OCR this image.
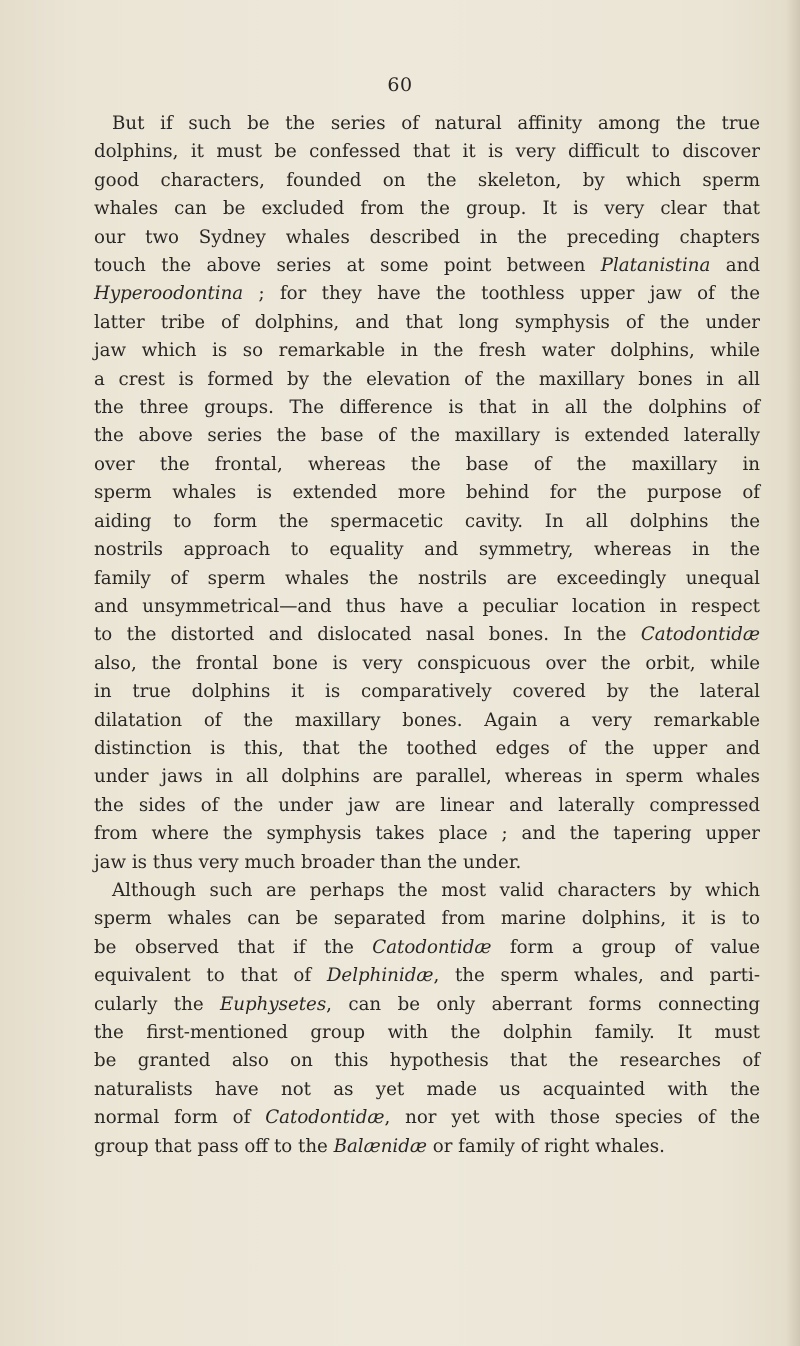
60
But if such be the series of natural affinity among the true
dolphins, it must be confessed that it is very difficult to discover
good characters, founded on the skeleton, by which sperm
whales can be excluded from the group. It is very clear that
our two Sydney whales described in the preceding chapters
touch the above series at some point between Platanistina and
Hyperoodontina ; for they have the toothless upper jaw of the
latter tribe of dolphins, and that long symphysis of the under
jaw which is so remarkable in the fresh water dolphins, while
a crest is formed by the elevation of the maxillary bones in all
the three groups. The difference is that in all the dolphins of
the above series the base of the maxillary is extended laterally
over the frontal, whereas the base of the maxillary in
sperm whales is extended more behind for the purpose of
aiding to form the spermacetic cavity. In all dolphins the
nostrils approach to equality and symmetry, whereas in the
family of sperm whales the nostrils are exceedingly unequal
and unsymmetrical—and thus have a peculiar location in respect
to the distorted and dislocated nasal bones. In the Catodontidæ
also, the frontal bone is very conspicuous over the orbit, while
in true dolphins it is comparatively covered by the lateral
dilatation of the maxillary bones. Again a very remarkable
distinction is this, that the toothed edges of the upper and
under jaws in all dolphins are parallel, whereas in sperm whales
the sides of the under jaw are linear and laterally compressed
from where the symphysis takes place ; and the tapering upper
jaw is thus very much broader than the under.
Although such are perhaps the most valid characters by which
sperm whales can be separated from marine dolphins, it is to
be observed that if the Catodontidæ form a group of value
equivalent to that of Delphinidæ, the sperm whales, and parti-
cularly the Euphysetes, can be only aberrant forms connecting
the first-mentioned group with the dolphin family. It must
be granted also on this hypothesis that the researches of
naturalists have not as yet made us acquainted with the
normal form of Catodontidæ, nor yet with those species of the
group that pass off to the Balænidæ or family of right whales.
